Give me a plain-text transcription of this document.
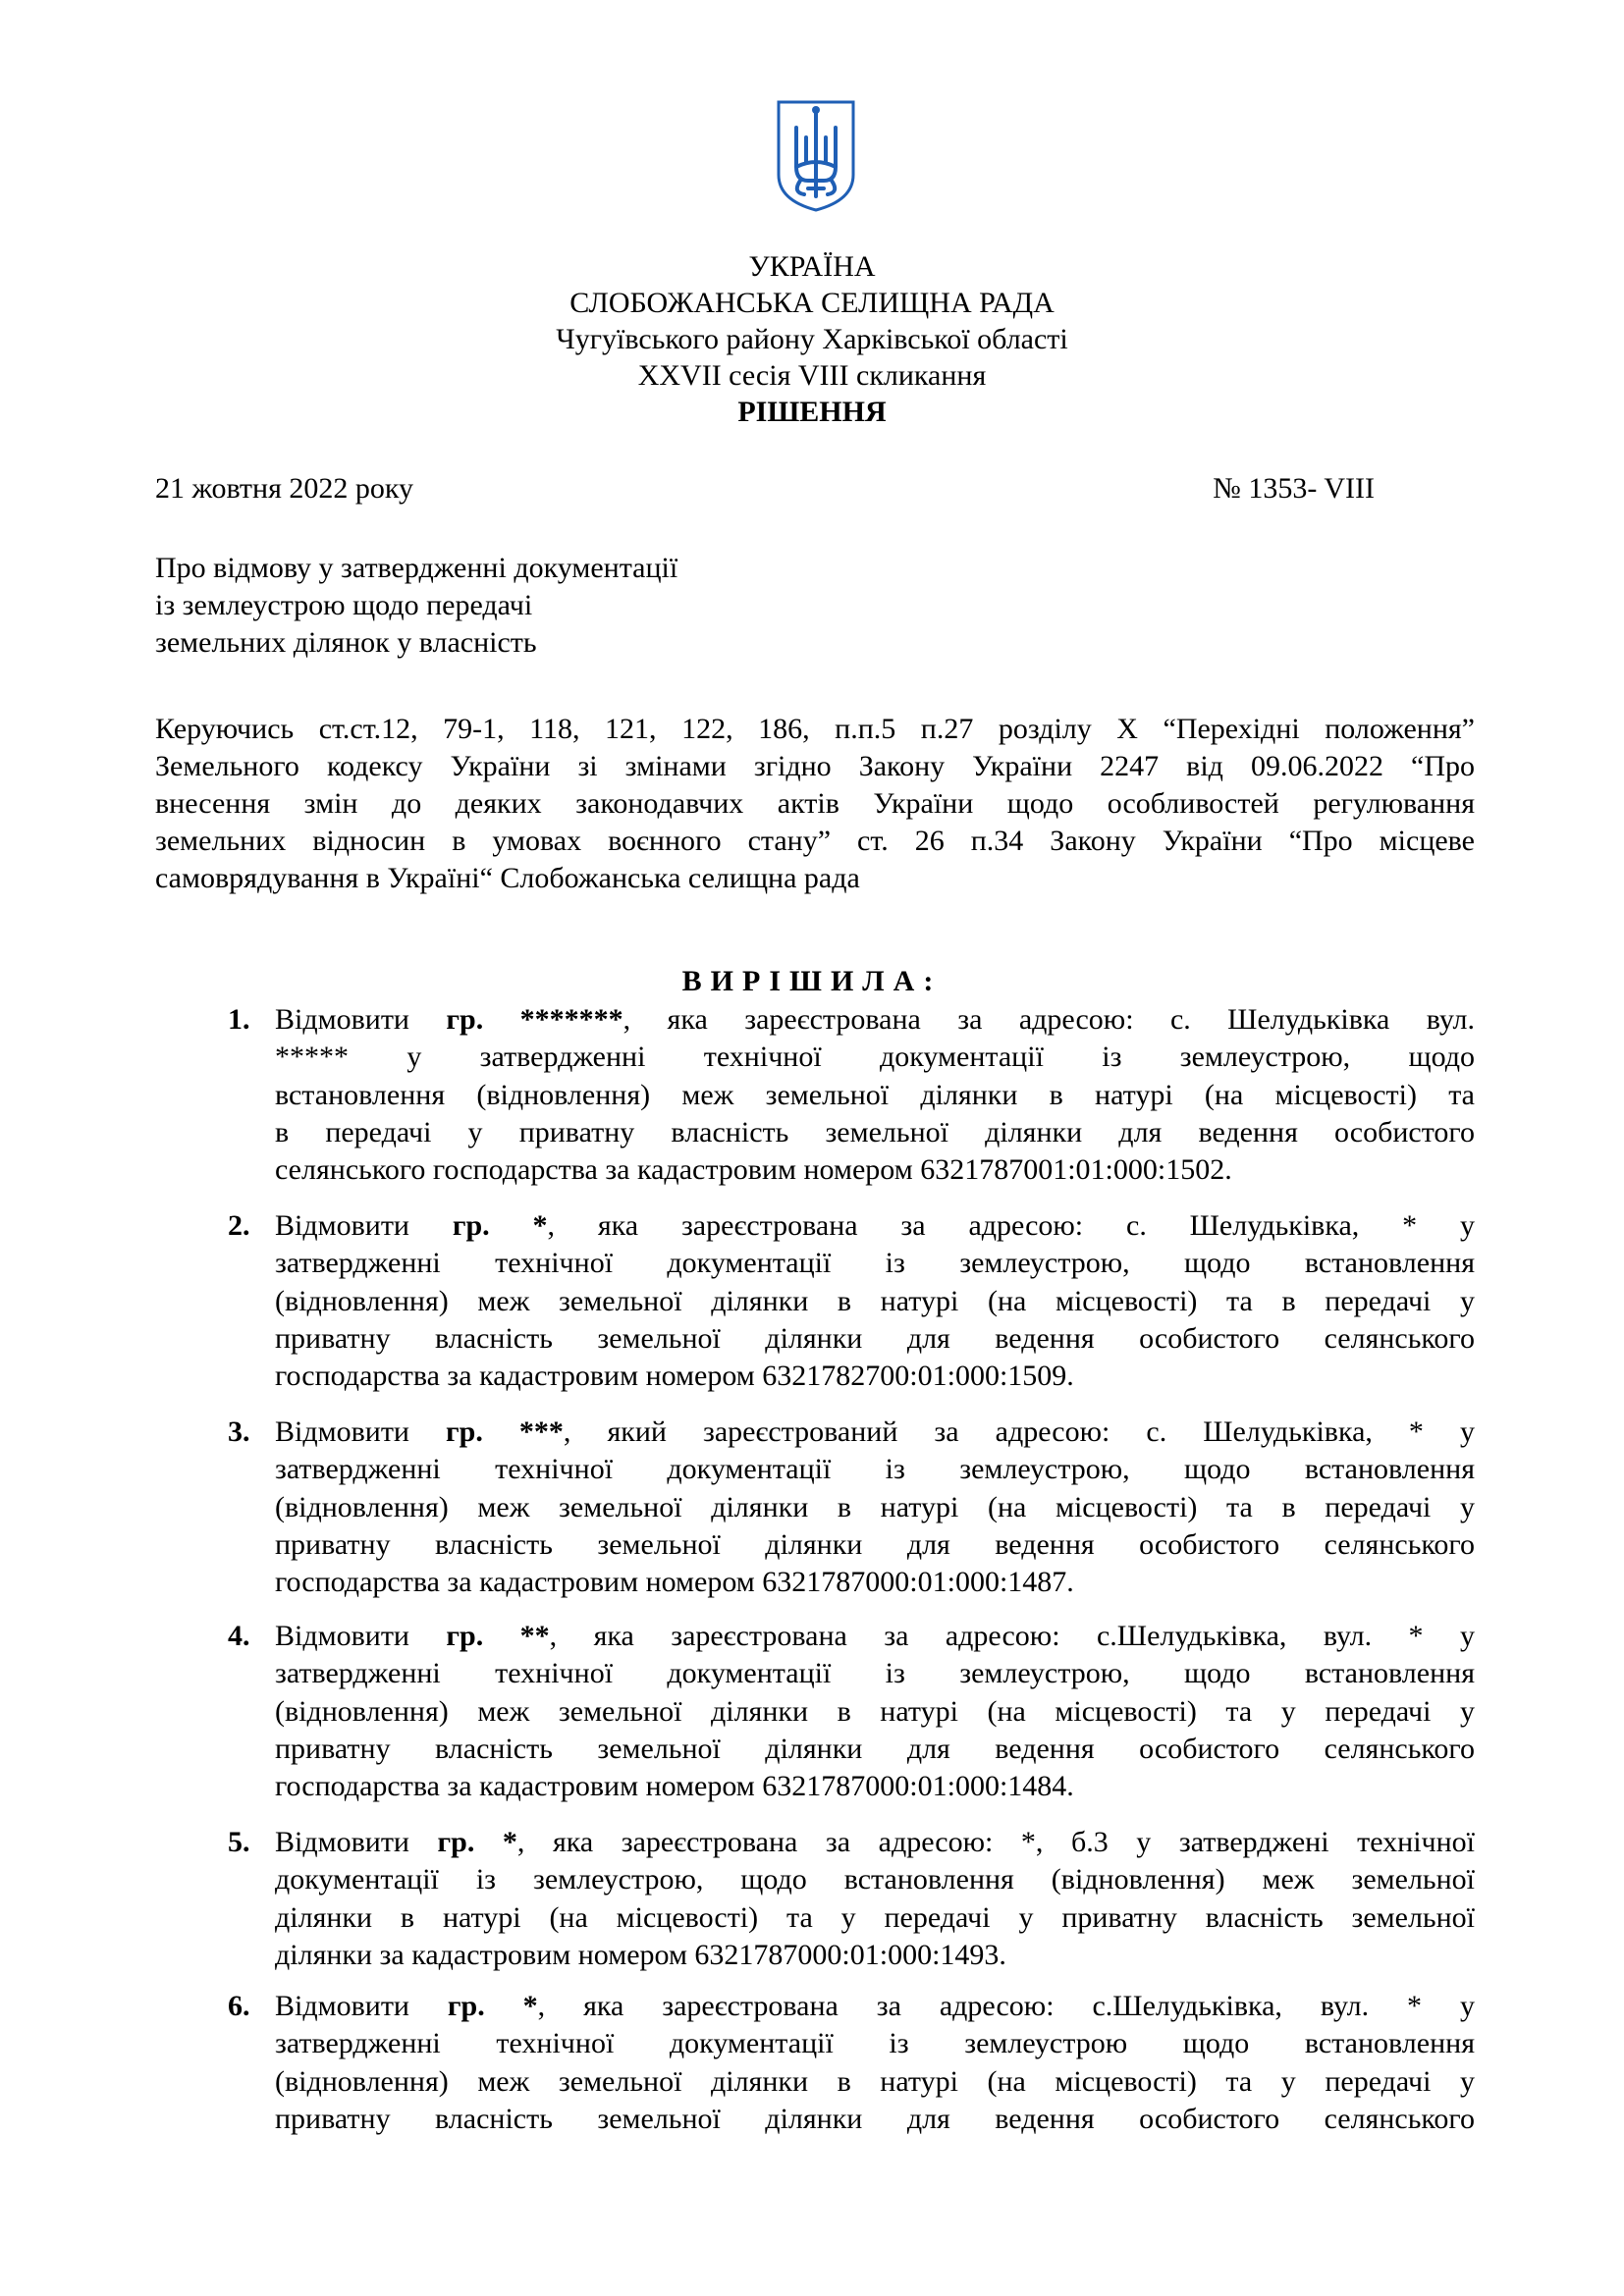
УКРАЇНА
СЛОБОЖАНСЬКА СЕЛИЩНА РАДА
Чугуївського району Харківської області
XXVII сесія VIII скликання
РІШЕННЯ
21 жовтня 2022 року	№ 1353- VIII
Про відмову у затвердженні документації
із землеустрою щодо передачі
земельних ділянок у власність
Керуючись ст.ст.12, 79-1, 118, 121, 122, 186, п.п.5 п.27 розділу Х “Перехідні положення”
Земельного кодексу України зі змінами згідно Закону України 2247 від 09.06.2022 “Про
внесення змін до деяких законодавчих актів України щодо особливостей регулювання
земельних відносин в умовах воєнного стану” ст. 26 п.34 Закону України “Про місцеве
самоврядування в Україні“ Слобожанська селищна рада
ВИРІШИЛА:
1. Відмовити гр. *******, яка зареєстрована за адресою: с. Шелудьківка вул.
***** у затвердженні технічної документації із землеустрою, щодо
встановлення (відновлення) меж земельної ділянки в натурі (на місцевості) та
в передачі у приватну власність земельної ділянки для ведення особистого
селянського господарства за кадастровим номером 6321787001:01:000:1502.
2. Відмовити гр. *, яка зареєстрована за адресою: с. Шелудьківка, * у
затвердженні технічної документації із землеустрою, щодо встановлення
(відновлення) меж земельної ділянки в натурі (на місцевості) та в передачі у
приватну власність земельної ділянки для ведення особистого селянського
господарства за кадастровим номером 6321782700:01:000:1509.
3. Відмовити гр. ***, який зареєстрований за адресою: с. Шелудьківка, * у
затвердженні технічної документації із землеустрою, щодо встановлення
(відновлення) меж земельної ділянки в натурі (на місцевості) та в передачі у
приватну власність земельної ділянки для ведення особистого селянського
господарства за кадастровим номером 6321787000:01:000:1487.
4. Відмовити гр. **, яка зареєстрована за адресою: с.Шелудьківка, вул. * у
затвердженні технічної документації із землеустрою, щодо встановлення
(відновлення) меж земельної ділянки в натурі (на місцевості) та у передачі у
приватну власність земельної ділянки для ведення особистого селянського
господарства за кадастровим номером 6321787000:01:000:1484.
5. Відмовити гр. *, яка зареєстрована за адресою: *, б.3 у затверджені технічної
документації із землеустрою, щодо встановлення (відновлення) меж земельної
ділянки в натурі (на місцевості) та у передачі у приватну власність земельної
ділянки за кадастровим номером 6321787000:01:000:1493.
6. Відмовити гр. *, яка зареєстрована за адресою: с.Шелудьківка, вул. * у
затвердженні технічної документації із землеустрою щодо встановлення
(відновлення) меж земельної ділянки в натурі (на місцевості) та у передачі у
приватну власність земельної ділянки для ведення особистого селянського
